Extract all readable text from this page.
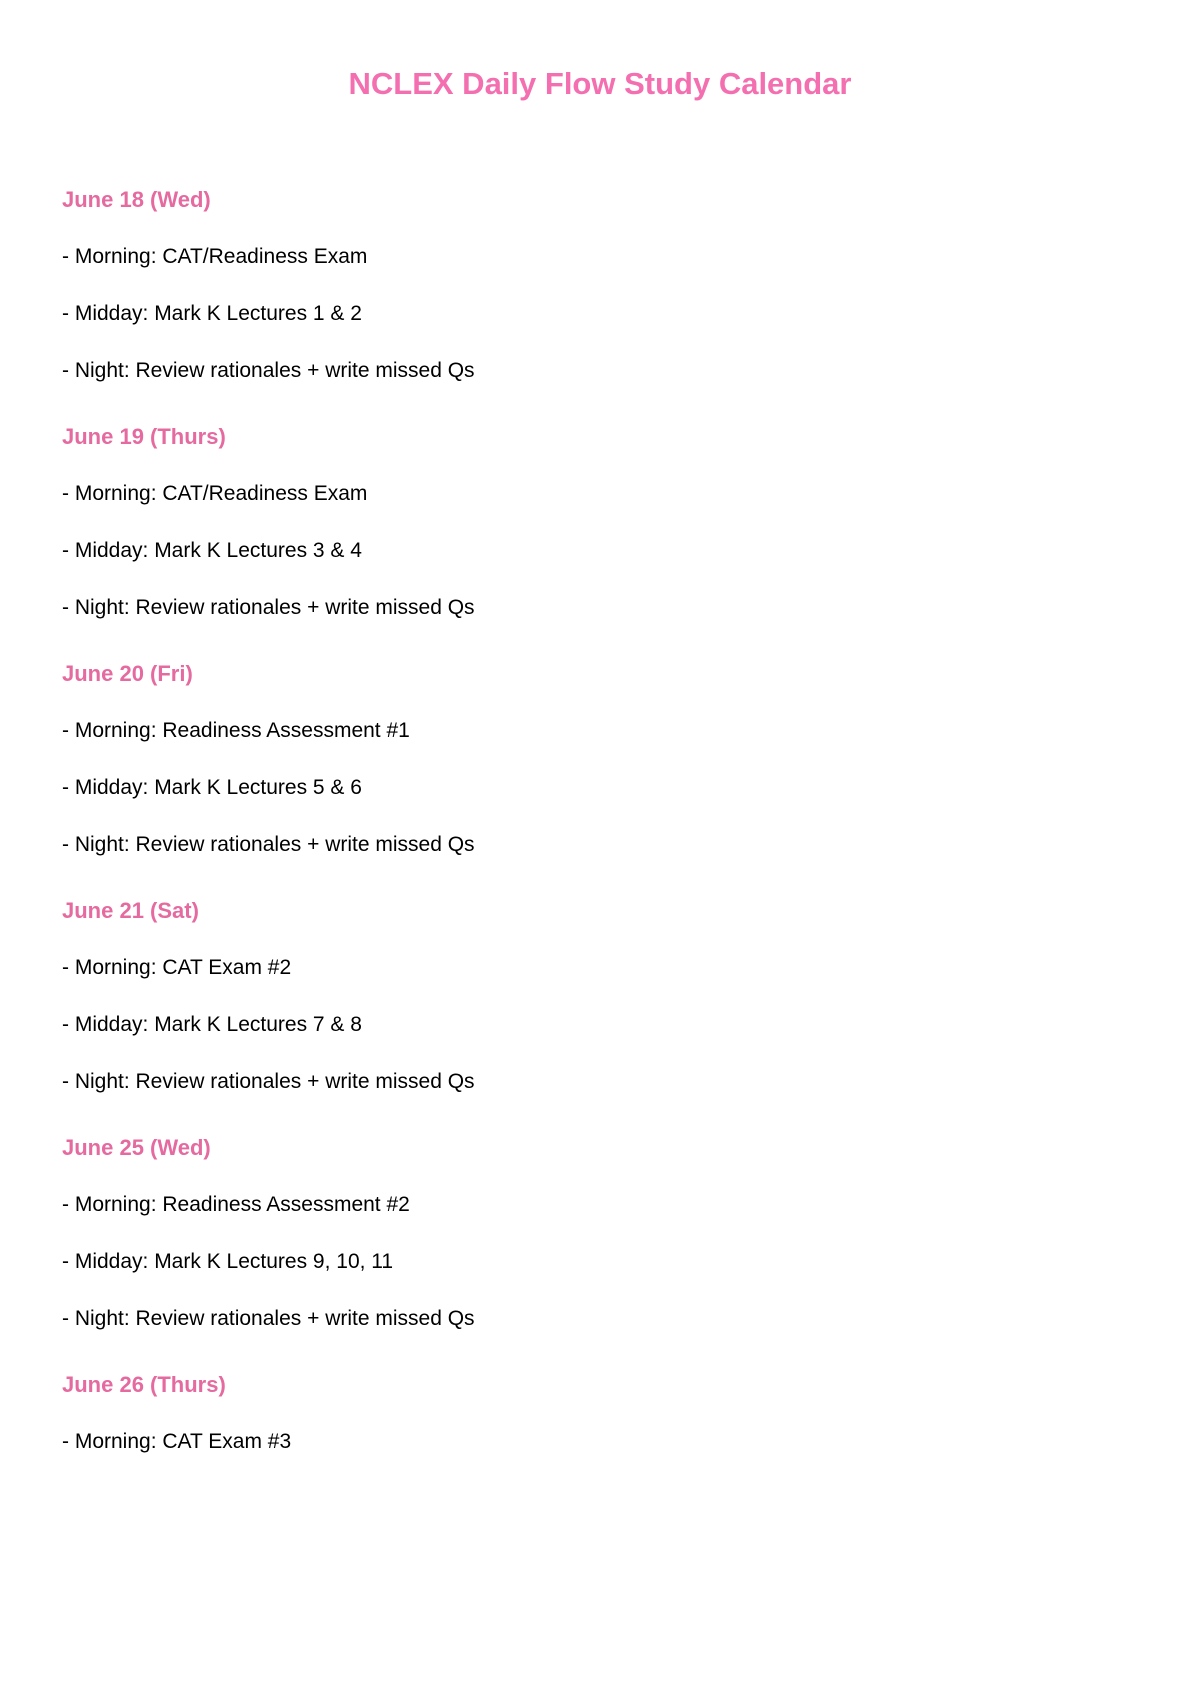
NCLEX Daily Flow Study Calendar
June 18 (Wed)
- Morning: CAT/Readiness Exam
- Midday: Mark K Lectures 1 & 2
- Night: Review rationales + write missed Qs
June 19 (Thurs)
- Morning: CAT/Readiness Exam
- Midday: Mark K Lectures 3 & 4
- Night: Review rationales + write missed Qs
June 20 (Fri)
- Morning: Readiness Assessment #1
- Midday: Mark K Lectures 5 & 6
- Night: Review rationales + write missed Qs
June 21 (Sat)
- Morning: CAT Exam #2
- Midday: Mark K Lectures 7 & 8
- Night: Review rationales + write missed Qs
June 25 (Wed)
- Morning: Readiness Assessment #2
- Midday: Mark K Lectures 9, 10, 11
- Night: Review rationales + write missed Qs
June 26 (Thurs)
- Morning: CAT Exam #3
